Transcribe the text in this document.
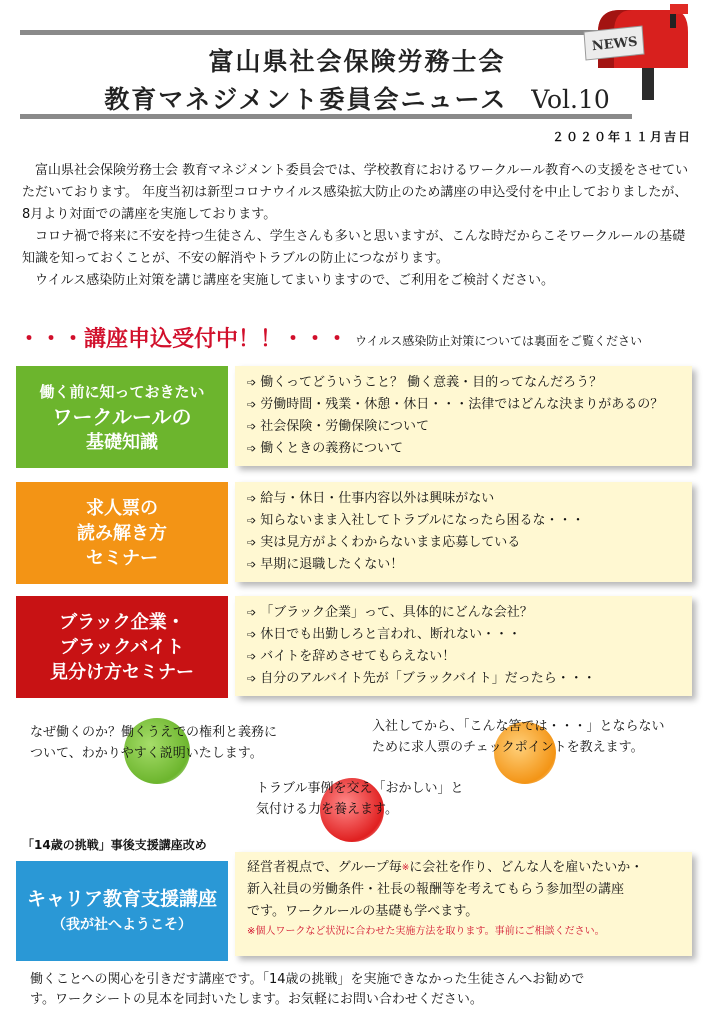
富山県社会保険労務士会
教育マネジメント委員会ニュース Vol.10
NEWS
２０２０年１１月吉日

富山県社会保険労務士会 教育マネジメント委員会では、学校教育におけるワークルール教育への支援をさせていただいております。 年度当初は新型コロナウイルス感染拡大防止のため講座の申込受付を中止しておりましたが、8月より対面での講座を実施しております。

コロナ禍で将来に不安を持つ生徒さん、学生さんも多いと思いますが、こんな時だからこそワークルールの基礎知識を知っておくことが、不安の解消やトラブルの防止につながります。

ウイルス感染防止対策を講じ講座を実施してまいりますので、ご利用をご検討ください。

・・・講座申込受付中！！・・・ ウイルス感染防止対策については裏面をご覧ください
働く前に知っておきたい
ワークルールの
基礎知識
➩ 働くってどういうこと？ 働く意義・目的ってなんだろう？
➩ 労働時間・残業・休憩・休日・・・法律ではどんな決まりがあるの？
➩ 社会保険・労働保険について
➩ 働くときの義務について
求人票の
読み解き方
セミナー
➩ 給与・休日・仕事内容以外は興味がない
➩ 知らないまま入社してトラブルになったら困るな・・・
➩ 実は見方がよくわからないまま応募している
➩ 早期に退職したくない！
ブラック企業・
ブラックバイト
見分け方セミナー
➩ 「ブラック企業」って、具体的にどんな会社？
➩ 休日でも出勤しろと言われ、断れない・・・
➩ バイトを辞めさせてもらえない！
➩ 自分のアルバイト先が「ブラックバイト」だったら・・・
なぜ働くのか？働くうえでの権利と義務に
ついて、わかりやすく説明いたします。
入社してから、「こんな筈では・・・」とならない
ために求人票のチェックポイントを教えます。
トラブル事例を交え「おかしい」と
気付ける力を養えます。
「14歳の挑戦」事後支援講座改め
キャリア教育支援講座
（我が社へようこそ）
経営者視点で、グループ毎※に会社を作り、どんな人を雇いたいか・
新入社員の労働条件・社長の報酬等を考えてもらう参加型の講座
です。ワークルールの基礎も学べます。
※個人ワークなど状況に合わせた実施方法を取ります。事前にご相談ください。
働くことへの関心を引きだす講座です。「14歳の挑戦」を実施できなかった生徒さんへお勧めで
す。ワークシートの見本を同封いたします。お気軽にお問い合わせください。
